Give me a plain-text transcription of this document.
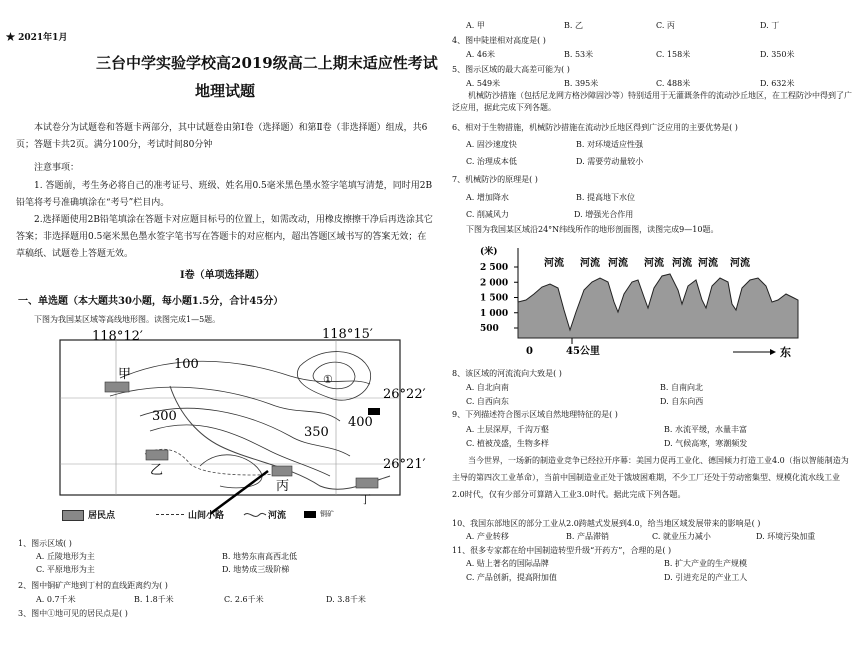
★ 2021年1月
三台中学实验学校高2019级高二上期末适应性考试
地理试题
本试卷分为试题卷和答题卡两部分，其中试题卷由第Ⅰ卷（选择题）和第Ⅱ卷（非选择题）组成，共6页；答题卡共2页。满分100分，考试时间80分钟
注意事项：
1. 答题前，考生务必将自己的准考证号、班级、姓名用0.5毫米黑色墨水签字笔填写清楚，同时用2B铅笔将考号准确填涂在“考号”栏目内。
2.选择题使用2B铅笔填涂在答题卡对应题目标号的位置上，如需改动，用橡皮擦擦干净后再选涂其它答案；非选择题用0.5毫米黑色墨水签字笔书写在答题卡的对应框内，超出答题区域书写的答案无效；在草稿纸、试题卷上答题无效。
Ⅰ卷（单项选择题）
一、单选题（本大题共30小题，每小题1.5分，合计45分）
下图为我国某区域等高线地形图。读图完成1—5题。
118°12′	118°15′
26°22′
26°21′
100
300
350
400
①
甲
乙
丙
丁
居民点	山间小路	河流	铜矿
1、图示区域( )
A. 丘陵地形为主	B. 地势东南高西北低
C. 平原地形为主	D. 地势成三级阶梯
2、图中铜矿产地到丁村的直线距离约为( )
A. 0.7千米	B. 1.8千米	C. 2.6千米	D. 3.8千米
3、图中①地可见的居民点是( )
A. 甲	B. 乙	C. 丙	D. 丁
4、图中陡崖相对高度是( )
A. 46米	B. 53米	C. 158米	D. 350米
5、图示区域的最大高差可能为( )
A. 549米	B. 395米	C. 488米	D. 632米
机械防沙措施（包括尼龙网方格沙障固沙等）特别适用于无灌溉条件的流动沙丘地区，在工程防沙中得到了广泛应用，据此完成下列各题。
6、相对于生物措施，机械防沙措施在流动沙丘地区得到广泛应用的主要优势是( )
A. 固沙速度快	B. 对环境适应性强
C. 治理成本低	D. 需要劳动量较小
7、机械防沙的原理是( )
A. 增加降水	B. 提高地下水位
C. 削减风力	D. 增强光合作用
下图为我国某区域沿24°N纬线所作的地形剖面图，读图完成9—10题。
(米)
2 500
2 000
1 500
1 000
500
河流 河流 河流 河流 河流 河流 河流
0	45公里	东
8、该区域的河流流向大致是( )
A. 自北向南	B. 自南向北
C. 自西向东	D. 自东向西
9、下列描述符合图示区域自然地理特征的是( )
A. 土层深厚，千沟万壑	B. 水流平缓，水量丰富
C. 植被茂盛，生物多样	D. 气候高寒，寒潮频发
当今世界，一场新的制造业竞争已经拉开序幕：美国力促再工业化、德国倾力打造工业4.0（指以智能制造为主导的第四次工业革命），当前中国制造业正处于饿坡困难期，不少工厂还处于劳动密集型、规模化流水线工业2.0时代，仅有少部分可算踏入工业3.0时代。据此完成下列各题。
10、我国东部地区的部分工业从2.0跨越式发展到4.0，给当地区域发展带来的影响是( )
A. 产业转移	B. 产品滞销	C. 就业压力减小	D. 环境污染加重
11、很多专家都在给中国制造转型升级“开药方”，合理的是( )
A. 贴上著名的国际品牌	B. 扩大产业的生产规模
C. 产品创新，提高附加值	D. 引进充足的产业工人
